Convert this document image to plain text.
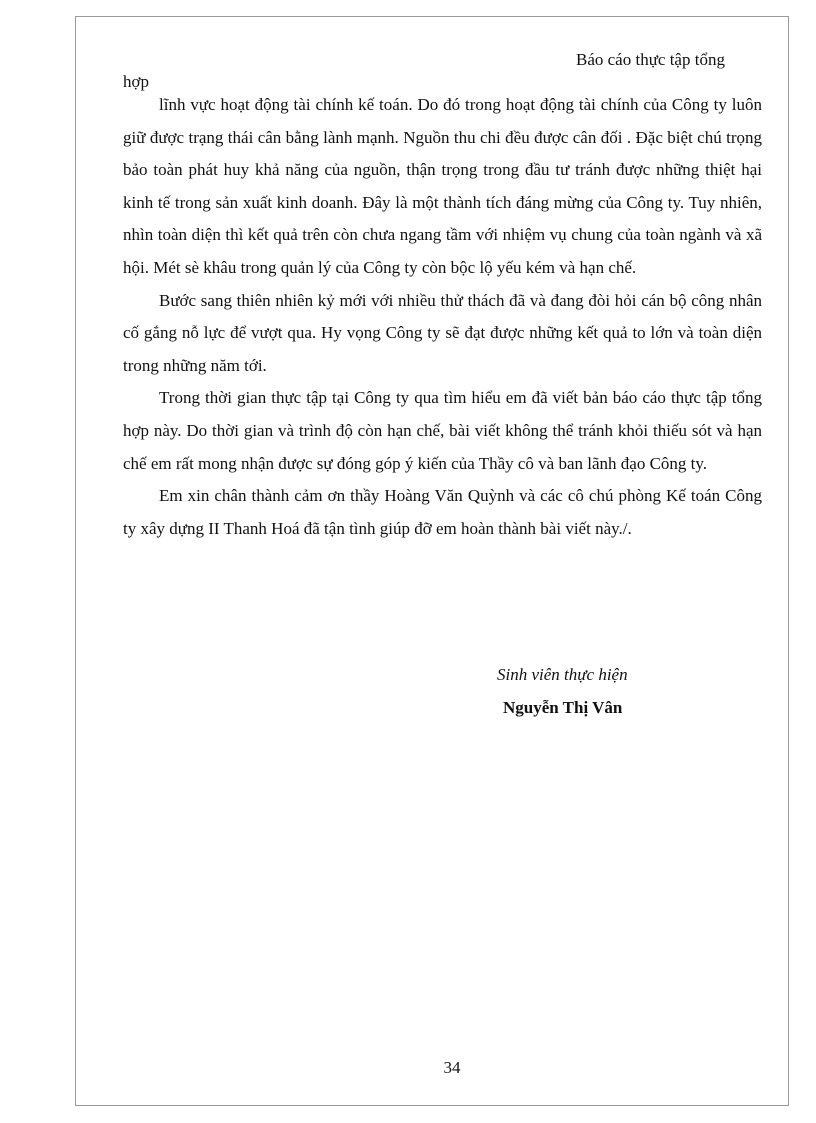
Báo cáo thực tập tổng
hợp

lĩnh vực hoạt động tài chính kế toán. Do đó trong hoạt động tài chính của Công ty luôn giữ được trạng thái cân bằng lành mạnh. Nguồn thu chi đều được cân đối . Đặc biệt chú trọng bảo toàn phát huy khả năng của nguồn, thận trọng trong đầu tư tránh được những thiệt hại kinh tế trong sản xuất kinh doanh. Đây là một thành tích đáng mừng của Công ty. Tuy nhiên, nhìn toàn diện thì kết quả trên còn chưa ngang tầm với nhiệm vụ chung của toàn ngành và xã hội. Mét sè khâu trong quản lý của Công ty còn bộc lộ yếu kém và hạn chế.

Bước sang thiên nhiên kỷ mới với nhiều thử thách đã và đang đòi hỏi cán bộ công nhân cố gắng nỗ lực để vượt qua. Hy vọng Công ty sẽ đạt được những kết quả to lớn và toàn diện trong những năm tới.

Trong thời gian thực tập tại Công ty qua tìm hiểu em đã viết bản báo cáo thực tập tổng hợp này. Do thời gian và trình độ còn hạn chế, bài viết không thể tránh khỏi thiếu sót và hạn chế em rất mong nhận được sự đóng góp ý kiến của Thầy cô và ban lãnh đạo Công ty.

Em xin chân thành cảm ơn thầy Hoàng Văn Quỳnh và các cô chú phòng Kế toán Công ty xây dựng II Thanh Hoá đã tận tình giúp đỡ em hoàn thành bài viết này./.

Sinh viên thực hiện
Nguyễn Thị Vân
34
